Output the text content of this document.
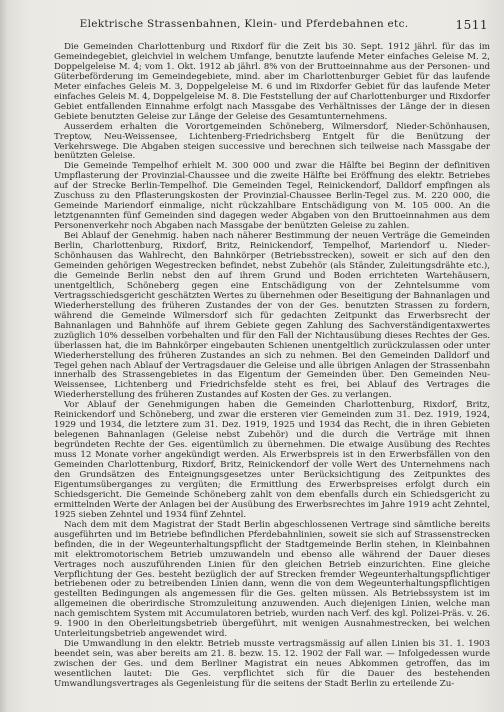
Elektrische Strassenbahnen, Klein- und Pferdebahnen etc.	1511

Die Gemeinden Charlottenburg und Rixdorf für die Zeit bis 30. Sept. 1912 jährl. für das im Gemeindegebiet, gleichviel in welchem Umfange, benutzte laufende Meter einfaches Geleise M. 2, Doppelgeleise M. 4; vom 1. Okt. 1912 ab jährl. 8% von der Bruttoeinnahme aus der Personen- und Güterbeförderung im Gemeindegebiete, mind. aber im Charlottenburger Gebiet für das laufende Meter einfaches Geleis M. 3, Doppelgeleise M. 6 und im Rixdorfer Gebiet für das laufende Meter einfaches Geleis M. 4, Doppelgeleise M. 8. Die Feststellung der auf Charlottenburger und Rixdorfer Gebiet entfallenden Einnahme erfolgt nach Massgabe des Verhältnisses der Länge der in diesen Gebiete benutzten Geleise zur Länge der Geleise des Gesamtunternehmens.

Ausserdem erhalten die Vorortgemeinden Schöneberg, Wilmersdorf, Nieder-Schönhausen, Treptow, Neu-Weissensee, Lichtenberg-Friedrichsberg Entgelt für die Benützung der Verkehrswege. Die Abgaben steigen successive und berechnen sich teilweise nach Massgabe der benützten Geleise.

Die Gemeinde Tempelhof erhielt M. 300 000 und zwar die Hälfte bei Beginn der definitiven Umpflasterung der Provinzial-Chaussee und die zweite Hälfte bei Eröffnung des elektr. Betriebes auf der Strecke Berlin-Tempelhof. Die Gemeinden Tegel, Reinickendorf, Dalldorf empfingen als Zuschuss zu den Pflasterungskosten der Provinzial-Chaussee Berlin-Tegel zus. M. 220 000, die Gemeinde Mariendorf einmalige, nicht rückzahlbare Entschädigung von M. 105 000. An die letztgenannten fünf Gemeinden sind dagegen weder Abgaben von den Bruttoeinnahmen aus dem Personenverkehr noch Abgaben nach Massgabe der benützten Geleise zu zahlen.

Bei Ablauf der Genehmig. haben nach näherer Bestimmung der neuen Verträge die Gemeinden Berlin, Charlottenburg, Rixdorf, Britz, Reinickendorf, Tempelhof, Mariendorf u. Nieder-Schönhausen das Wahlrecht, den Bahnkörper (Betriebsstrecken), soweit er sich auf den den Gemeinden gehörigen Wegestrecken befindet, nebst Zubehör (als Ständer, Zuleitungsdrähte etc.), die Gemeinde Berlin nebst den auf ihrem Grund und Boden errichteten Wartehäusern, unentgeltlich, Schöneberg gegen eine Entschädigung von der Zehntelsumme vom Vertragsschiedsgericht geschätzten Wertes zu übernehmen oder Beseitigung der Bahnanlagen und Wiederherstellung des früheren Zustandes der von der Ges. benutzten Strassen zu fordern, während die Gemeinde Wilmersdorf sich für gedachten Zeitpunkt das Erwerbsrecht der Bahnanlagen und Bahnhöfe auf ihrem Gebiete gegen Zahlung des Sachverständigentaxwertes zuzüglich 10% desselben vorbehalten und für den Fall der Nichtausübung dieses Rechtes der Ges. überlassen hat, die im Bahnkörper eingebauten Schienen unentgeltlich zurückzulassen oder unter Wiederherstellung des früheren Zustandes an sich zu nehmen. Bei den Gemeinden Dalldorf und Tegel gehen nach Ablauf der Vertragsdauer die Geleise und alle übrigen Anlagen der Strassenbahn innerhalb des Strassengebietes in das Eigentum der Gemeinden über. Den Gemeinden Neu-Weissensee, Lichtenberg und Friedrichsfelde steht es frei, bei Ablauf des Vertrages die Wiederherstellung des früheren Zustandes auf Kosten der Ges. zu verlangen.

Vor Ablauf der Genehmigungen haben die Gemeinden Charlottenburg, Rixdorf, Britz, Reinickendorf und Schöneberg, und zwar die ersteren vier Gemeinden zum 31. Dez. 1919, 1924, 1929 und 1934, die letztere zum 31. Dez. 1919, 1925 und 1934 das Recht, die in ihren Gebieten belegenen Bahnanlagen (Geleise nebst Zubehör) und die durch die Verträge mit ihnen begründeten Rechte der Ges. eigentümlich zu übernehmen. Die etwaige Ausübung des Rechtes muss 12 Monate vorher angekündigt werden. Als Erwerbspreis ist in den Erwerbsfällen von den Gemeinden Charlottenburg, Rixdorf, Britz, Reinickendorf der volle Wert des Unternehmens nach den Grundsätzen des Enteignungsgesetzes unter Berücksichtigung des Zeitpunktes des Eigentumsüberganges zu vergüten; die Ermittlung des Erwerbspreises erfolgt durch ein Schiedsgericht. Die Gemeinde Schöneberg zahlt von dem ebenfalls durch ein Schiedsgericht zu ermittelnden Werte der Anlagen bei der Ausübung des Erwerbsrechtes im Jahre 1919 acht Zehntel, 1925 sieben Zehntel und 1934 fünf Zehntel.

Nach dem mit dem Magistrat der Stadt Berlin abgeschlossenen Vertrage sind sämtliche bereits ausgeführten und im Betriebe befindlichen Pferdebahnlinien, soweit sie sich auf Strassenstrecken befinden, die in der Wegeunterhaltungspflicht der Stadtgemeinde Berlin stehen, in Kleinbahnen mit elektromotorischem Betrieb umzuwandeln und ebenso alle während der Dauer dieses Vertrages noch auszuführenden Linien für den gleichen Betrieb einzurichten. Eine gleiche Verpflichtung der Ges. besteht bezüglich der auf Strecken fremder Wegeunterhaltungspflichtiger betriebenen oder zu betreibenden Linien dann, wenn die von dem Wegeunterhaltungspflichtigen gestellten Bedingungen als angemessen für die Ges. gelten müssen. Als Betriebssystem ist im allgemeinen die oberirdische Stromzuleitung anzuwenden. Auch diejenigen Linien, welche man nach gemischtem System mit Accumulatoren betrieb, wurden nach Verf. des kgl. Polizei-Präs. v. 26. 9. 1900 in den Oberleitungsbetrieb übergeführt, mit wenigen Ausnahmestrecken, bei welchen Unterleitungsbetrieb angewendet wird.

Die Umwandlung in den elektr. Betrieb musste vertragsmässig auf allen Linien bis 31. 1. 1903 beendet sein, was aber bereits am 21. 8. bezw. 15. 12. 1902 der Fall war. — Infolgedessen wurde zwischen der Ges. und dem Berliner Magistrat ein neues Abkommen getroffen, das im wesentlichen lautet: Die Ges. verpflichtet sich für die Dauer des bestehenden Umwandlungsvertrages als Gegenleistung für die seitens der Stadt Berlin zu erteilende Zu-
